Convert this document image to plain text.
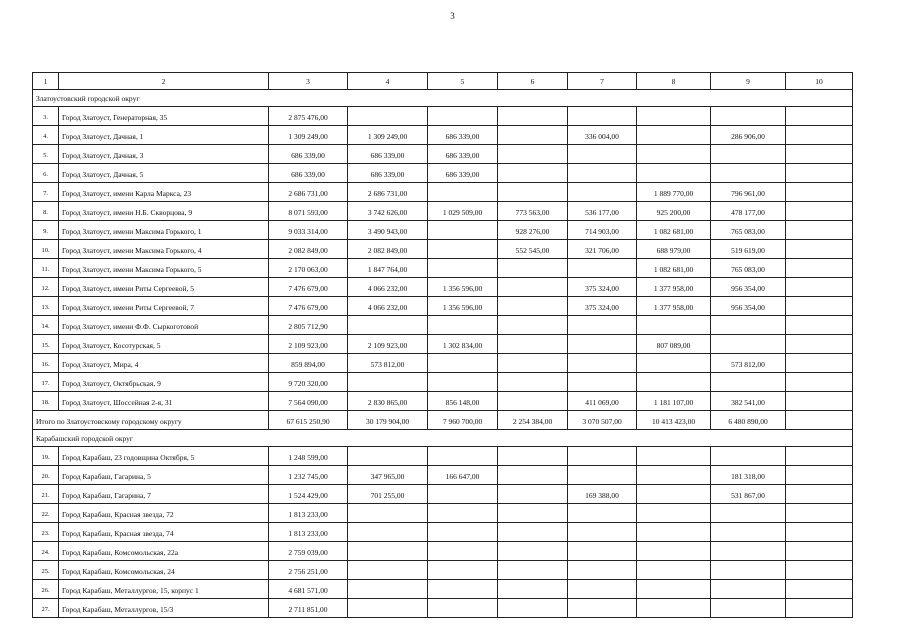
3
1	2	3	4	5	6	7	8	9	10
Златоустовский городской округ									
3.	Город Златоуст, Генераторная, 35	2 875 476,00							
4.	Город Златоуст, Дачная, 1	1 309 249,00	1 309 249,00	686 339,00		336 004,00		286 906,00	
5.	Город Златоуст, Дачная, 3	686 339,00	686 339,00	686 339,00					
6.	Город Златоуст, Дачная, 5	686 339,00	686 339,00	686 339,00					
7.	Город Златоуст, имени Карла Маркса, 23	2 686 731,00	2 686 731,00				1 889 770,00	796 961,00	
8.	Город Златоуст, имени Н.Б. Скворцова, 9	8 071 593,00	3 742 626,00	1 029 509,00	773 563,00	536 177,00	925 200,00	478 177,00	
9.	Город Златоуст, имени Максима Горького, 1	9 033 314,00	3 490 943,00		928 276,00	714 903,00	1 082 681,00	765 083,00	
10.	Город Златоуст, имени Максима Горького, 4	2 082 849,00	2 082 849,00		552 545,00	321 706,00	688 979,00	519 619,00	
11.	Город Златоуст, имени Максима Горького, 5	2 170 063,00	1 847 764,00				1 082 681,00	765 083,00	
12.	Город Златоуст, имени Риты Сергеевой, 5	7 476 679,00	4 066 232,00	1 356 596,00		375 324,00	1 377 958,00	956 354,00	
13.	Город Златоуст, имени Риты Сергеевой, 7	7 476 679,00	4 066 232,00	1 356 596,00		375 324,00	1 377 958,00	956 354,00	
14.	Город Златоуст, имени Ф.Ф. Сыркоготовой	2 805 712,90							
15.	Город Златоуст, Косотурская, 5	2 109 923,00	2 109 923,00	1 302 834,00			807 089,00		
16.	Город Златоуст, Мира, 4	859 894,00	573 812,00					573 812,00	
17.	Город Златоуст, Октябрьская, 9	9 720 320,00							
18.	Город Златоуст, Шоссейная 2-я, 31	7 564 090,00	2 830 865,00	856 148,00		411 069,00	1 181 107,00	382 541,00	
Итого по Златоустовскому городскому округу		67 615 250,90	30 179 904,00	7 960 700,00	2 254 384,00	3 070 507,00	10 413 423,00	6 480 890,00	
Карабашский городской округ									
19.	Город Карабаш, 23 годовщина Октября, 5	1 248 599,00							
20.	Город Карабаш, Гагарина, 5	1 232 745,00	347 965,00	166 647,00				181 318,00	
21.	Город Карабаш, Гагарина, 7	1 524 429,00	701 255,00			169 388,00		531 867,00	
22.	Город Карабаш, Красная звезда, 72	1 813 233,00							
23.	Город Карабаш, Красная звезда, 74	1 813 233,00							
24.	Город Карабаш, Комсомольская, 22а	2 759 039,00							
25.	Город Карабаш, Комсомольская, 24	2 756 251,00							
26.	Город Карабаш, Металлургов, 15, корпус 1	4 681 571,00							
27.	Город Карабаш, Металлургов, 15/3	2 711 851,00							
